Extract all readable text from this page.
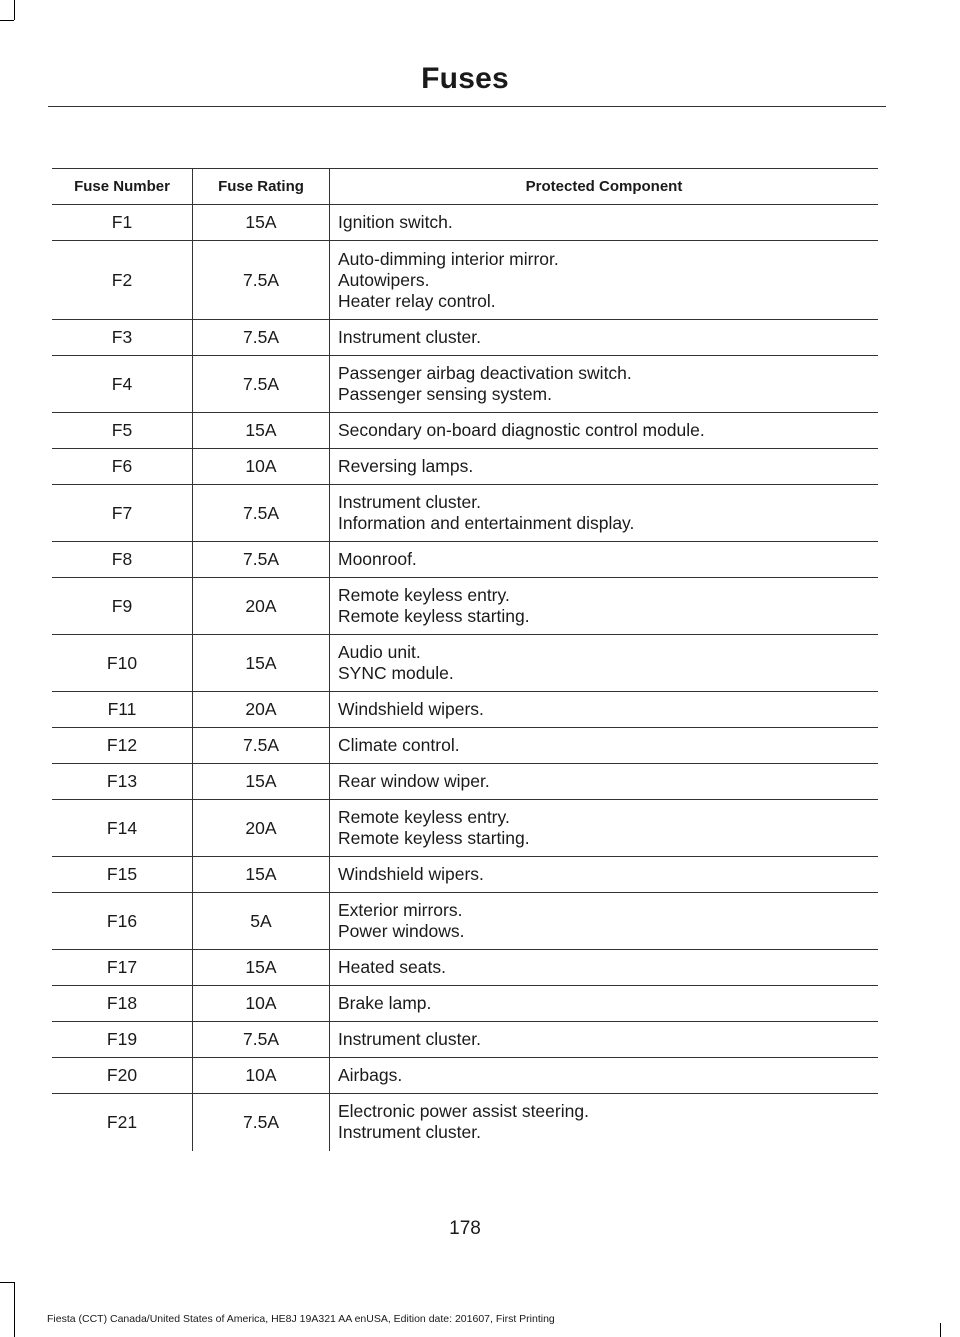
Fuses
Fuse Number	Fuse Rating	Protected Component
F1	15A	Ignition switch.

F2	7.5A	Auto-dimming interior mirror.
Autowipers.
Heater relay control.

F3	7.5A	Instrument cluster.

F4	7.5A	Passenger airbag deactivation switch.
Passenger sensing system.

F5	15A	Secondary on-board diagnostic control module.

F6	10A	Reversing lamps.

F7	7.5A	Instrument cluster.
Information and entertainment display.

F8	7.5A	Moonroof.

F9	20A	Remote keyless entry.
Remote keyless starting.

F10	15A	Audio unit.
SYNC module.

F11	20A	Windshield wipers.

F12	7.5A	Climate control.

F13	15A	Rear window wiper.

F14	20A	Remote keyless entry.
Remote keyless starting.

F15	15A	Windshield wipers.

F16	5A	Exterior mirrors.
Power windows.

F17	15A	Heated seats.

F18	10A	Brake lamp.

F19	7.5A	Instrument cluster.

F20	10A	Airbags.

F21	7.5A	Electronic power assist steering.
Instrument cluster.
178
Fiesta (CCT) Canada/United States of America, HE8J 19A321 AA enUSA, Edition date: 201607, First Printing
